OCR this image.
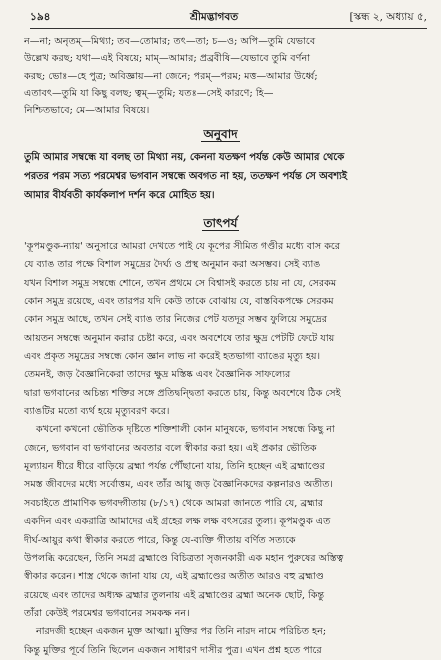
১৯৪	শ্রীমদ্ভাগবত	[স্কন্ধ ২, অধ্যায় ৫,
ন—না; অনৃতম্—মিথ্যা; তব—তোমার; তৎ—তা; চ—ও; অপি—তুমি যেভাবে
উল্লেখ করছ; যথা—এই বিষয়ে; মাম্—আমার; প্রব্রবীষি—যেভাবে তুমি বর্ণনা
করছ; ভোঃ—হে পুত্র; অবিজ্ঞায়—না জেনে; পরম্—পরম; মত্ত—আমার উর্ধ্বে;
এতাবৎ—তুমি যা কিছু বলছ; ত্বম্—তুমি; যতঃ—সেই কারণে; হি—
নিশ্চিতভাবে; মে—আমার বিষয়ে।
অনুবাদ
তুমি আমার সম্বন্ধে যা বলছ তা মিথ্যা নয়, কেননা যতক্ষণ পর্যন্ত কেউ আমার থেকে
পরতর পরম সত্য পরমেশ্বর ভগবান সম্বন্ধে অবগত না হয়, ততক্ষণ পর্যন্ত সে অবশ্যই
আমার বীর্যবতী কার্যকলাপ দর্শন করে মোহিত হয়।
তাৎপর্য
'কূপমণ্ডুক-ন্যায়' অনুসারে আমরা দেখতে পাই যে কূপের সীমিত গণ্ডীর মধ্যে বাস করে
যে ব্যাঙ তার পক্ষে বিশাল সমুদ্রের দৈর্ঘ্য ও প্রস্থ অনুমান করা অসম্ভব। সেই ব্যাঙ
যখন বিশাল সমুদ্র সম্বন্ধে শোনে, তখন প্রথমে সে বিশ্বাসই করতে চায় না যে, সেরকম
কোন সমুদ্র রয়েছে, এবং তারপর যদি কেউ তাকে বোঝায় যে, বাস্তবিকপক্ষে সেরকম
কোন সমুদ্র আছে, তখন সেই ব্যাঙ তার নিজের পেট যতদূর সম্ভব ফুলিয়ে সমুদ্রের
আয়তন সম্বন্ধে অনুমান করার চেষ্টা করে, এবং অবশেষে তার ক্ষুদ্র পেটটি ফেটে যায়
এবং প্রকৃত সমুদ্রের সম্বন্ধে কোন জ্ঞান লাভ না করেই হতভাগা ব্যাঙের মৃত্যু হয়।
তেমনই, জড় বৈজ্ঞানিকেরা তাদের ক্ষুদ্র মস্তিষ্ক এবং বৈজ্ঞানিক সাফল্যের
দ্বারা ভগবানের অচিন্ত্য শক্তির সঙ্গে প্রতিদ্বন্দ্বিতা করতে চায়, কিন্তু অবশেষে ঠিক সেই
ব্যাঙটির মতো ব্যর্থ হয়ে মৃত্যুবরণ করে।
কখনো কখনো ভৌতিক দৃষ্টিতে শক্তিশালী কোন মানুষকে, ভগবান সম্বন্ধে কিছু না
জেনে, ভগবান বা ভগবানের অবতার বলে স্বীকার করা হয়। এই প্রকার ভৌতিক
মূল্যায়ন ধীরে ধীরে বাড়িয়ে ব্রহ্মা পর্যন্ত পৌঁছানো যায়, তিনি হচ্ছেন এই ব্রহ্মাণ্ডের
সমস্ত জীবদের মধ্যে সর্বোত্তম, এবং তাঁর আয়ু জড় বৈজ্ঞানিকদের কল্পনারও অতীত।
সবচাইতে প্রামাণিক ভগবদ্গীতায় (৮/১৭) থেকে আমরা জানতে পারি যে, ব্রহ্মার
একদিন এবং একরাত্রি আমাদের এই গ্রহের লক্ষ লক্ষ বৎসরের তুল্য। কূপমণ্ডুক এত
দীর্ঘ-আয়ুর কথা স্বীকার করতে পারে, কিন্তু যে-ব্যক্তি গীতায় বর্ণিত সত্যকে
উপলব্ধি করেছেন, তিনি সমগ্র ব্রহ্মাণ্ডে বিচিত্রতা সৃজনকারী এক মহান পুরুষের অস্তিত্ব
স্বীকার করেন। শাস্ত্র থেকে জানা যায় যে, এই ব্রহ্মাণ্ডের অতীত আরও বহু ব্রহ্মাণ্ড
রয়েছে এবং তাদের অধ্যক্ষ ব্রহ্মার তুলনায় এই ব্রহ্মাণ্ডের ব্রহ্মা অনেক ছোট, কিন্তু
তাঁরা কেউই পরমেশ্বর ভগবানের সমকক্ষ নন।
নারদজী হচ্ছেন একজন মুক্ত আত্মা। মুক্তির পর তিনি নারদ নামে পরিচিত হন;
কিন্তু মুক্তির পূর্বে তিনি ছিলেন একজন সাধারণ দাসীর পুত্র। এখন প্রশ্ন হতে পারে
